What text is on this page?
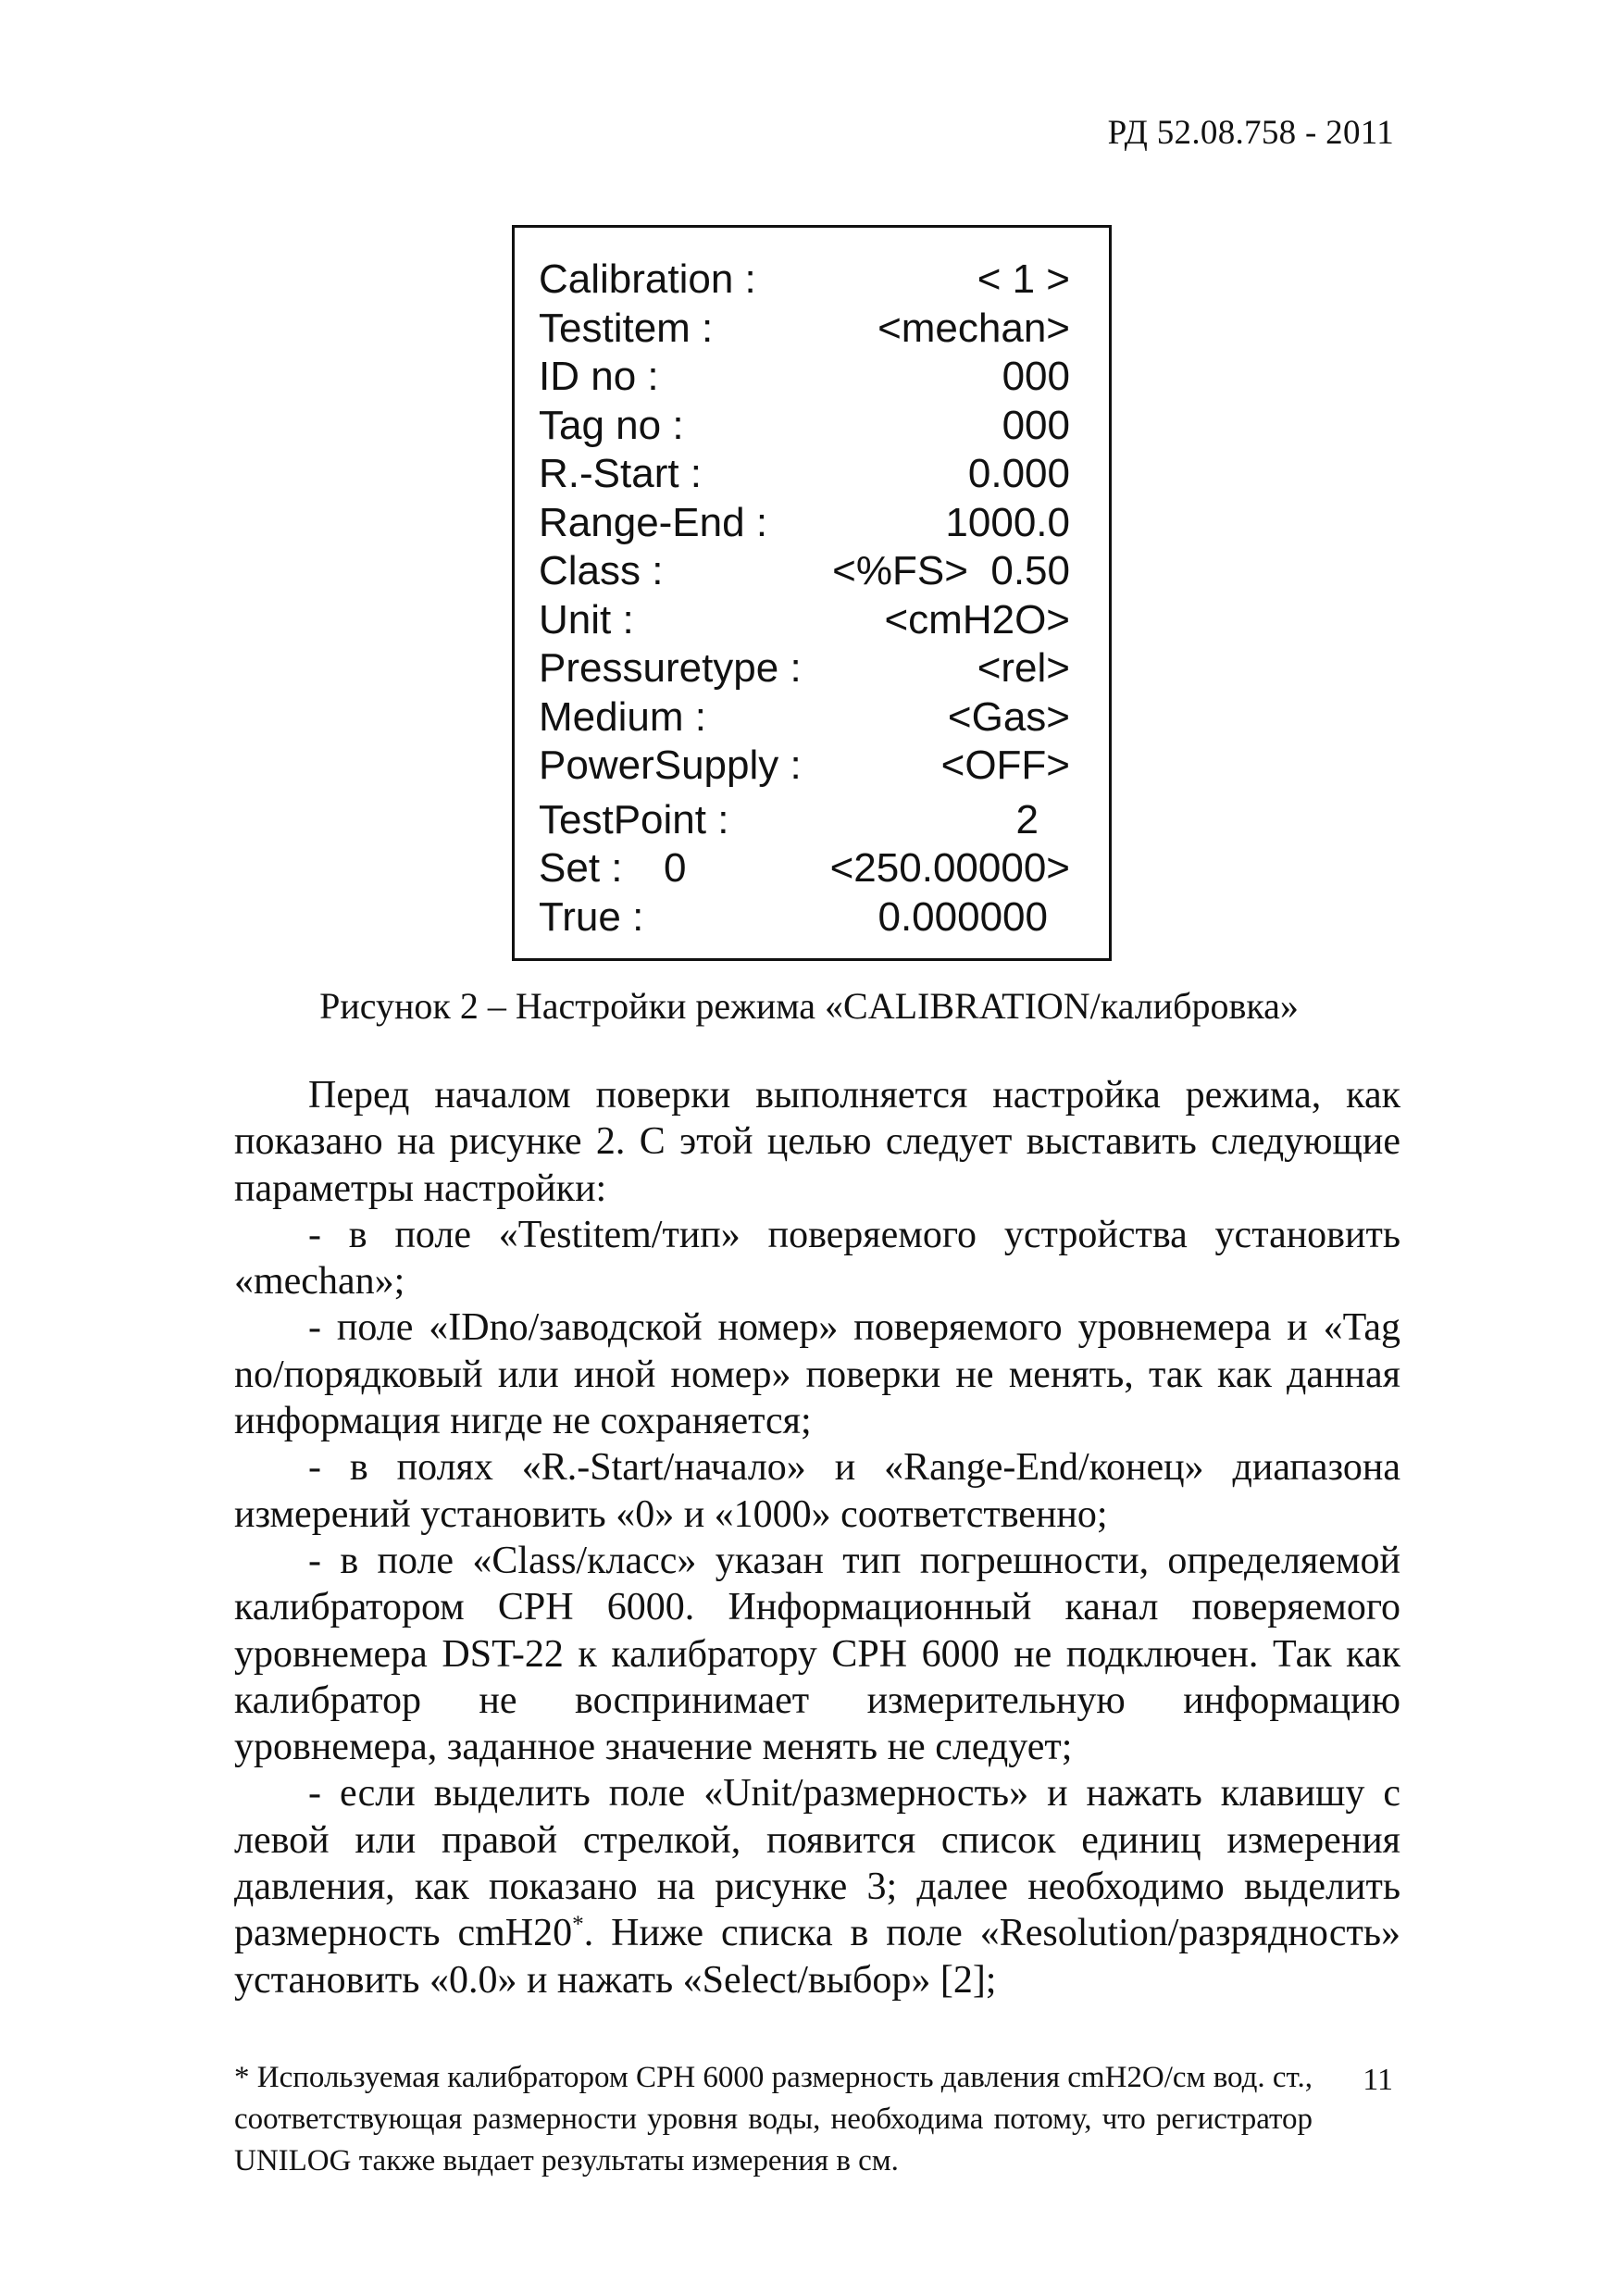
РД 52.08.758 - 2011
Calibration :	< 1 >
Testitem :	<mechan>
ID no :	000
Tag no :	000
R.-Start :	0.000
Range-End :	1000.0
Class :	<%FS>  0.50
Unit :	<cmH2O>
Pressuretype :	<rel>
Medium :	<Gas>
PowerSupply :	<OFF>
TestPoint :	2
Set : 0	<250.00000>
True :	0.000000
Рисунок 2 – Настройки режима «CALIBRATION/калибровка»

Перед началом поверки выполняется настройка режима, как показано на рисунке 2. С этой целью следует выставить следующие параметры настройки:

- в поле «Testitem/тип» поверяемого устройства установить «mechan»;

- поле «IDno/заводской номер» поверяемого уровнемера и «Tag no/порядковый или иной номер» поверки не менять, так как данная информация нигде не сохраняется;

- в полях «R.-Start/начало» и «Range-End/конец» диапазона измерений установить «0» и «1000» соответственно;

- в поле «Class/класс» указан тип погрешности, определяемой калибратором CPH 6000. Информационный канал поверяемого уровнемера DST-22 к калибратору CPH 6000 не подключен. Так как калибратор не воспринимает измерительную информацию уровнемера, заданное значение менять не следует;

- если выделить поле «Unit/размерность» и нажать клавишу с левой или правой стрелкой, появится список единиц измерения давления, как показано на рисунке 3; далее необходимо выделить размерность cmH20*. Ниже списка в поле «Resolution/разрядность» установить «0.0» и нажать «Select/выбор» [2];

* Используемая калибратором CPH 6000 размерность давления cmH2O/см вод. ст., соответствующая размерности уровня воды, необходима потому, что регистратор UNILOG также выдает результаты измерения в см.

11
